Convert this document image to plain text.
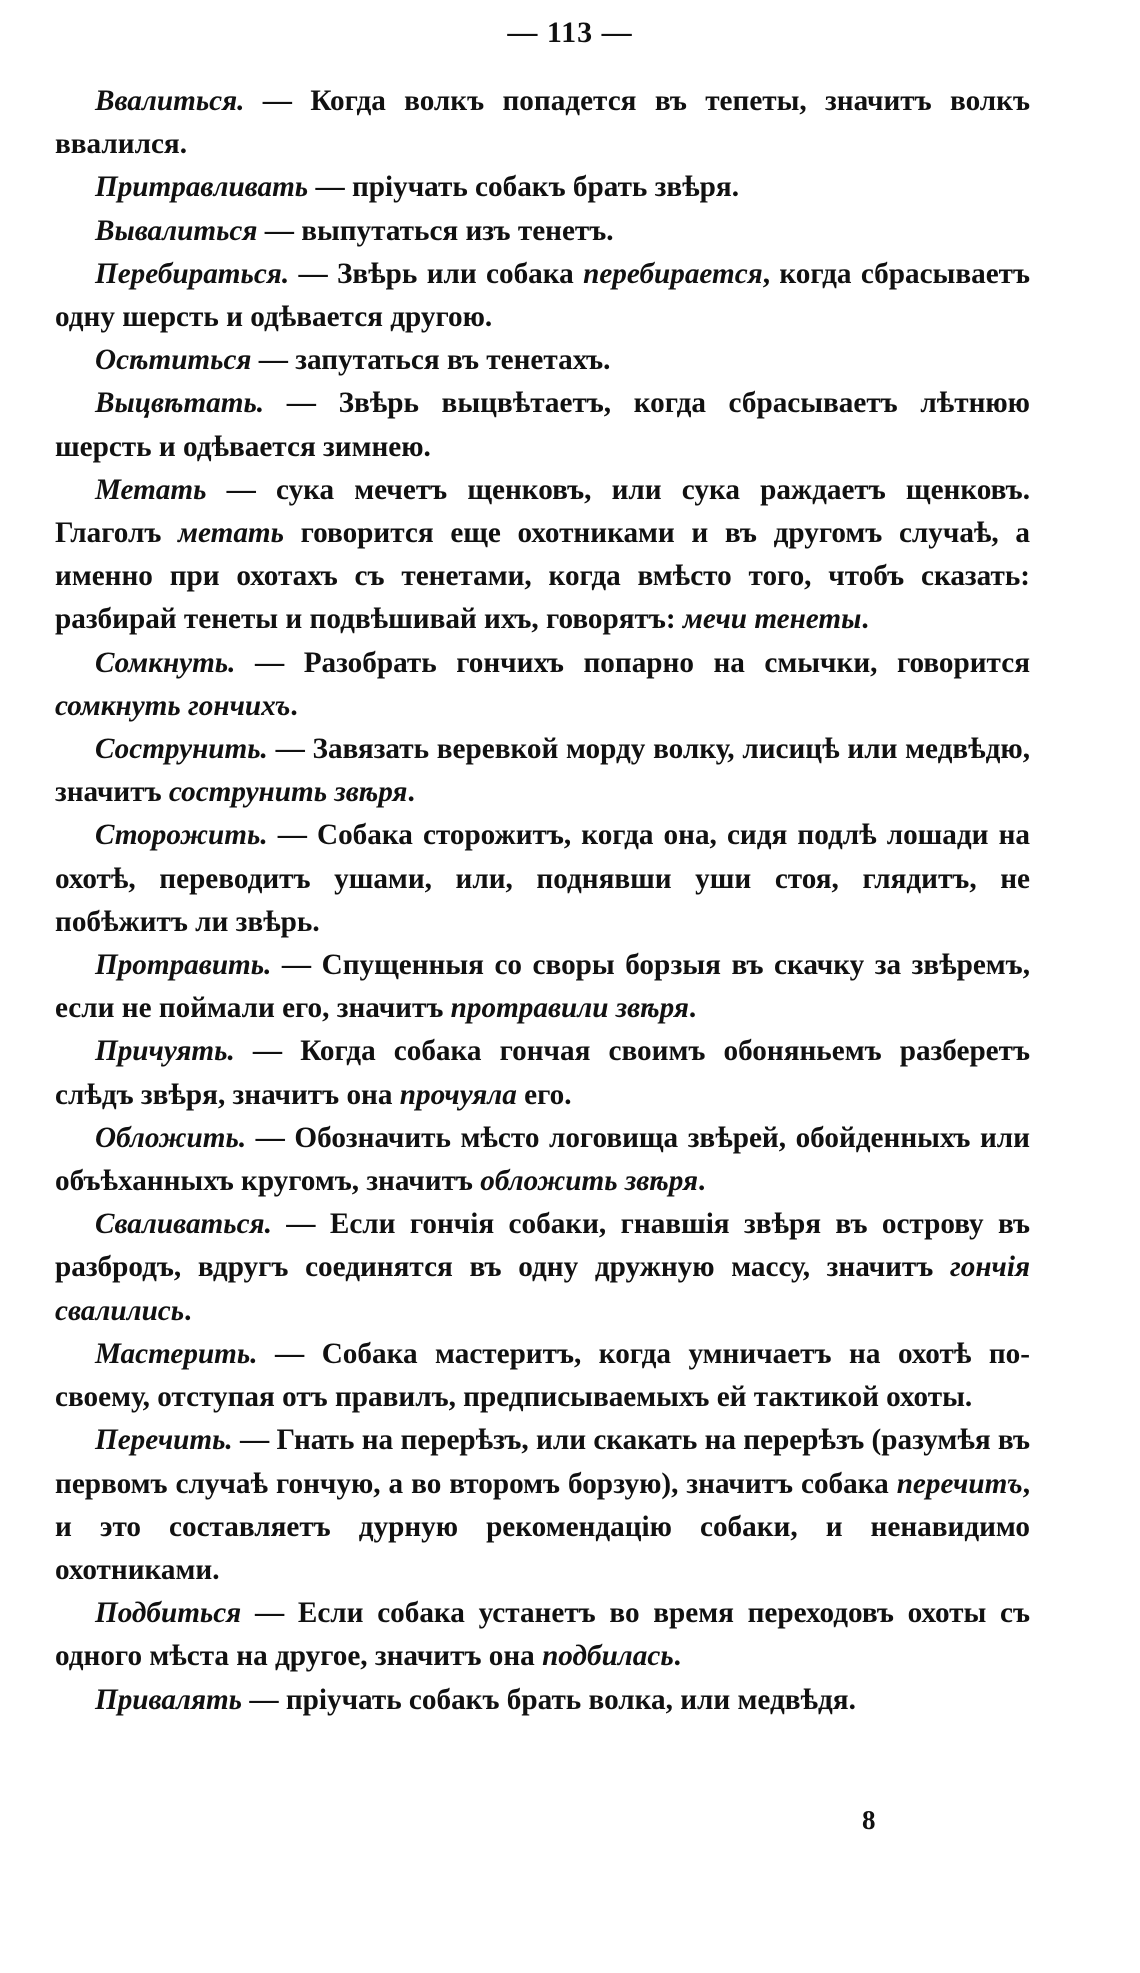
— 113 —

Ввалиться. — Когда волкъ попадется въ тепеты, значитъ волкъ ввалился.

Притравливать — пріучать собакъ брать звѣря.

Вывалиться — выпутаться изъ тенетъ.

Перебираться. — Звѣрь или собака перебирается, когда сбрасываетъ одну шерсть и одѣвается другою.

Осѣтиться — запутаться въ тенетахъ.

Выцвѣтать. — Звѣрь выцвѣтаетъ, когда сбрасываетъ лѣтнюю шерсть и одѣвается зимнею.

Метать — сука мечетъ щенковъ, или сука раждаетъ щенковъ. Глаголъ метать говорится еще охотниками и въ другомъ случаѣ, а именно при охотахъ съ тенетами, когда вмѣсто того, чтобъ сказать: разбирай тенеты и подвѣшивай ихъ, говорятъ: мечи тенеты.

Сомкнуть. — Разобрать гончихъ попарно на смычки, говорится сомкнуть гончихъ.

Сострунить. — Завязать веревкой морду волку, лисицѣ или медвѣдю, значитъ сострунить звѣря.

Сторожить. — Собака сторожитъ, когда она, сидя подлѣ лошади на охотѣ, переводитъ ушами, или, поднявши уши стоя, глядитъ, не побѣжитъ ли звѣрь.

Протравить. — Спущенныя со своры борзыя въ скачку за звѣремъ, если не поймали его, значитъ протравили звѣря.

Причуять. — Когда собака гончая своимъ обоняньемъ разберетъ слѣдъ звѣря, значитъ она прочуяла его.

Обложить. — Обозначить мѣсто логовища звѣрей, обойденныхъ или объѣханныхъ кругомъ, значитъ обложить звѣря.

Сваливаться. — Если гончія собаки, гнавшія звѣря въ острову въ разбродъ, вдругъ соединятся въ одну дружную массу, значитъ гончія свалились.

Мастерить. — Собака мастеритъ, когда умничаетъ на охотѣ по-своему, отступая отъ правилъ, предписываемыхъ ей тактикой охоты.

Перечить. — Гнать на перерѣзъ, или скакать на перерѣзъ (разумѣя въ первомъ случаѣ гончую, а во второмъ борзую), значитъ собака перечитъ, и это составляетъ дурную рекомендацію собаки, и ненавидимо охотниками.

Подбиться — Если собака устанетъ во время переходовъ охоты съ одного мѣста на другое, значитъ она подбилась.

Привалять — пріучать собакъ брать волка, или медвѣдя.

8
